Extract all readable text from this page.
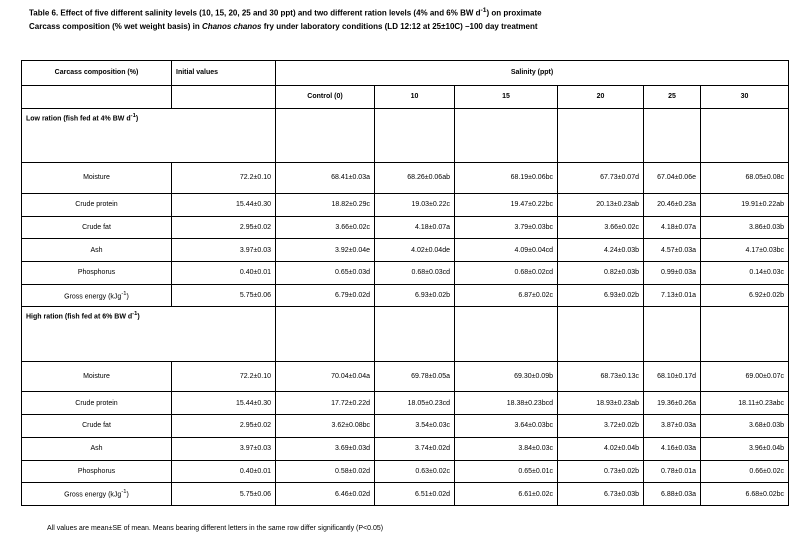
Table 6. Effect of five different salinity levels (10, 15, 20, 25 and 30 ppt) and two different ration levels (4% and 6% BW $d^{-1}$) on proximate
Carcass composition (% wet weight basis) in Chanos chanos fry under laboratory conditions (LD 12:12 at 25±10C) –100 day treatment
Carcass composition (%)	Initial values		Salinity (ppt)					
			Control (0)	10	15	20	25	30
Low ration (fish fed at 4% BW $d^{-1}$)								
Moisture	72.2±0.10		68.41±0.03a	68.26±0.06ab	68.19±0.06bc	67.73±0.07d	67.04±0.06e	68.05±0.08c
Crude protein	15.44±0.30		18.82±0.29c	19.03±0.22c	19.47±0.22bc	20.13±0.23ab	20.46±0.23a	19.91±0.22ab
Crude fat	2.95±0.02		3.66±0.02c	4.18±0.07a	3.79±0.03bc	3.66±0.02c	4.18±0.07a	3.86±0.03b
Ash	3.97±0.03		3.92±0.04e	4.02±0.04de	4.09±0.04cd	4.24±0.03b	4.57±0.03a	4.17±0.03bc
Phosphorus	0.40±0.01		0.65±0.03d	0.68±0.03cd	0.68±0.02cd	0.82±0.03b	0.99±0.03a	0.14±0.03c
Gross energy (kJg$^{-1}$)	5.75±0.06		6.79±0.02d	6.93±0.02b	6.87±0.02c	6.93±0.02b	7.13±0.01a	6.92±0.02b
High ration (fish fed at 6% BW $d^{-1}$)								
Moisture	72.2±0.10		70.04±0.04a	69.78±0.05a	69.30±0.09b	68.73±0.13c	68.10±0.17d	69.00±0.07c
Crude protein	15.44±0.30		17.72±0.22d	18.05±0.23cd	18.38±0.23bcd	18.93±0.23ab	19.36±0.26a	18.11±0.23abc
Crude fat	2.95±0.02		3.62±0.08bc	3.54±0.03c	3.64±0.03bc	3.72±0.02b	3.87±0.03a	3.68±0.03b
Ash	3.97±0.03		3.69±0.03d	3.74±0.02d	3.84±0.03c	4.02±0.04b	4.16±0.03a	3.96±0.04b
Phosphorus	0.40±0.01		0.58±0.02d	0.63±0.02c	0.65±0.01c	0.73±0.02b	0.78±0.01a	0.66±0.02c
Gross energy (kJg$^{-1}$)	5.75±0.06		6.46±0.02d	6.51±0.02d	6.61±0.02c	6.73±0.03b	6.88±0.03a	6.68±0.02bc
All values are mean±SE of mean. Means bearing different letters in the same row differ significantly (P<0.05)
